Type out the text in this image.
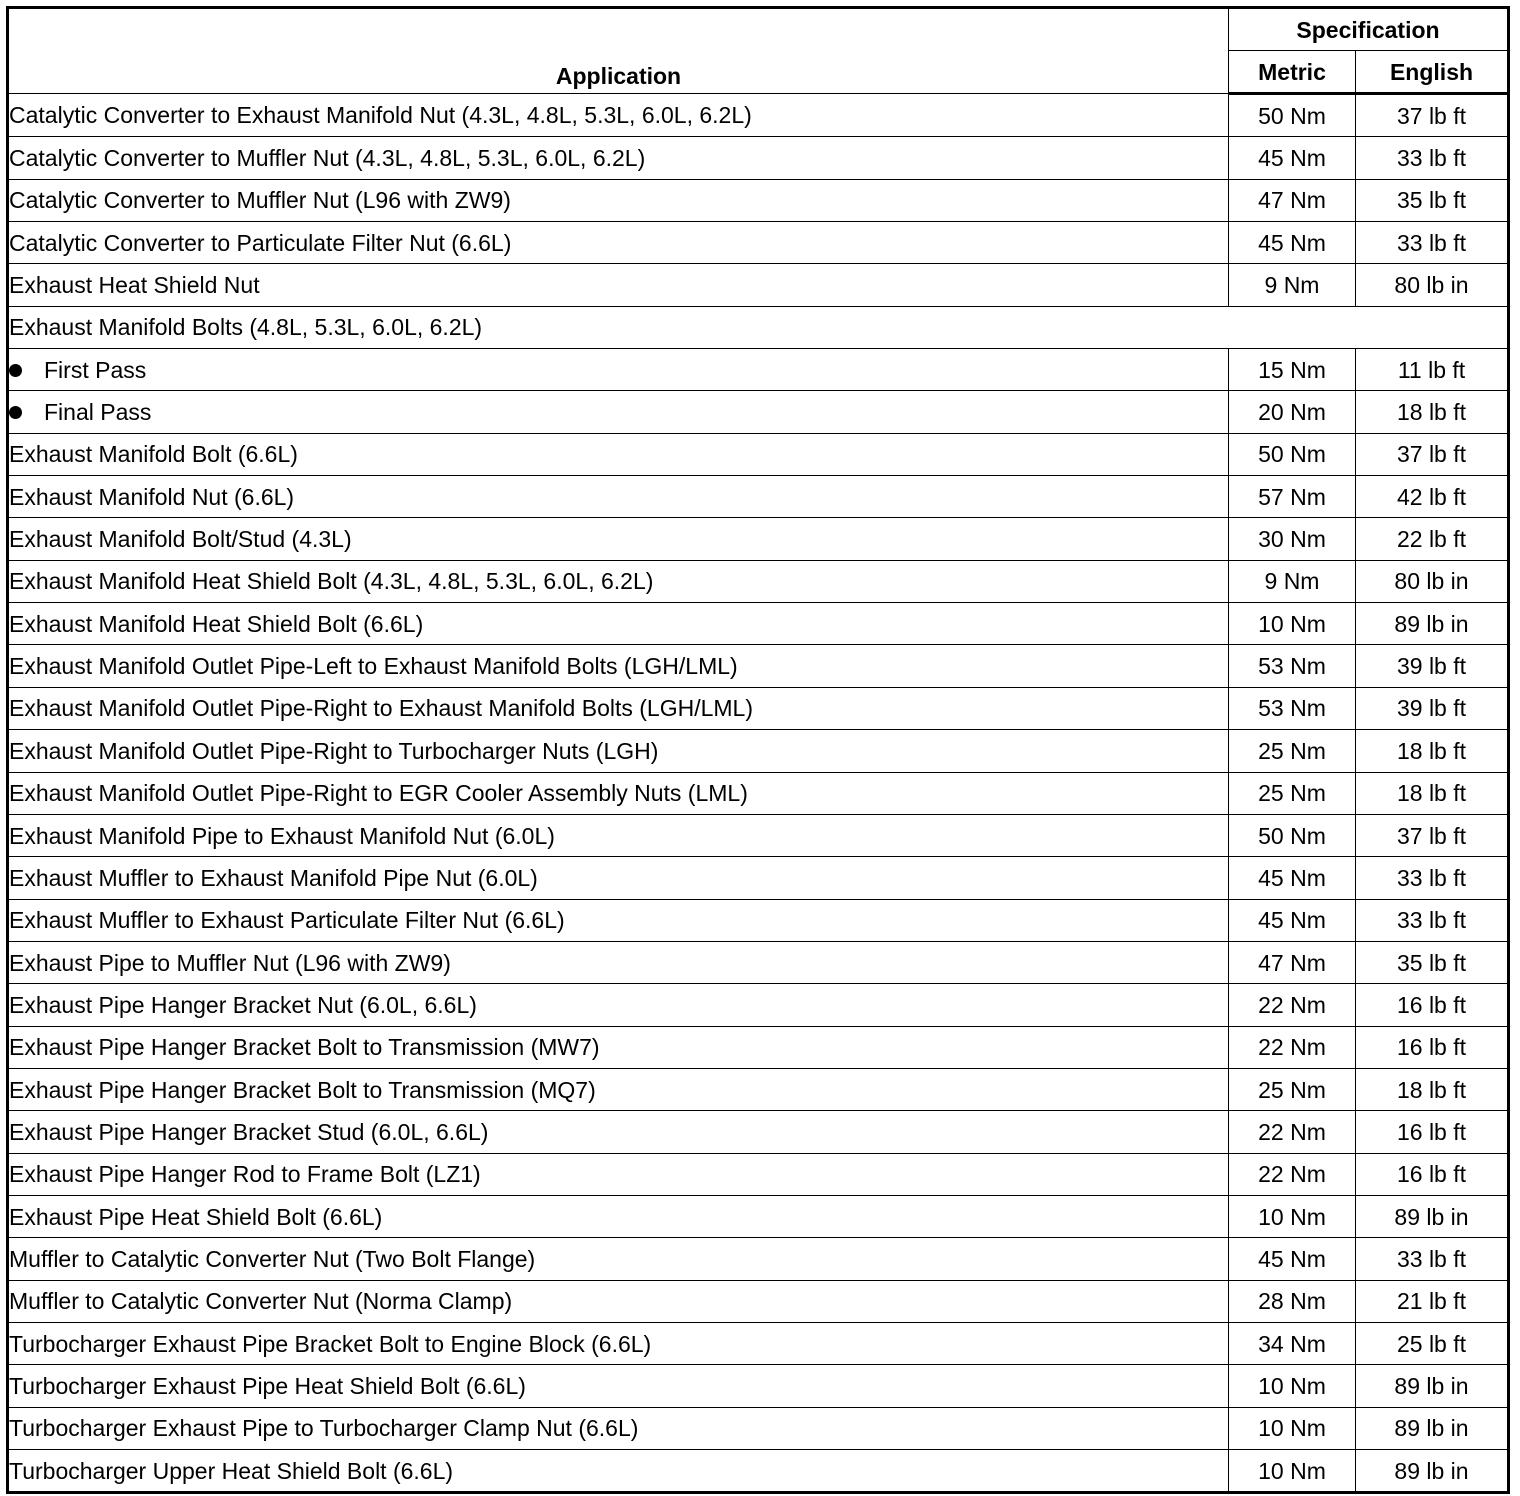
Application	Specification	
	Metric	English
Catalytic Converter to Exhaust Manifold Nut (4.3L, 4.8L, 5.3L, 6.0L, 6.2L)	50 Nm	37 lb ft
Catalytic Converter to Muffler Nut (4.3L, 4.8L, 5.3L, 6.0L, 6.2L)	45 Nm	33 lb ft
Catalytic Converter to Muffler Nut (L96 with ZW9)	47 Nm	35 lb ft
Catalytic Converter to Particulate Filter Nut (6.6L)	45 Nm	33 lb ft
Exhaust Heat Shield Nut	9 Nm	80 lb in
Exhaust Manifold Bolts (4.8L, 5.3L, 6.0L, 6.2L)		
First Pass	15 Nm	11 lb ft
Final Pass	20 Nm	18 lb ft
Exhaust Manifold Bolt (6.6L)	50 Nm	37 lb ft
Exhaust Manifold Nut (6.6L)	57 Nm	42 lb ft
Exhaust Manifold Bolt/Stud (4.3L)	30 Nm	22 lb ft
Exhaust Manifold Heat Shield Bolt (4.3L, 4.8L, 5.3L, 6.0L, 6.2L)	9 Nm	80 lb in
Exhaust Manifold Heat Shield Bolt (6.6L)	10 Nm	89 lb in
Exhaust Manifold Outlet Pipe-Left to Exhaust Manifold Bolts (LGH/LML)	53 Nm	39 lb ft
Exhaust Manifold Outlet Pipe-Right to Exhaust Manifold Bolts (LGH/LML)	53 Nm	39 lb ft
Exhaust Manifold Outlet Pipe-Right to Turbocharger Nuts (LGH)	25 Nm	18 lb ft
Exhaust Manifold Outlet Pipe-Right to EGR Cooler Assembly Nuts (LML)	25 Nm	18 lb ft
Exhaust Manifold Pipe to Exhaust Manifold Nut (6.0L)	50 Nm	37 lb ft
Exhaust Muffler to Exhaust Manifold Pipe Nut (6.0L)	45 Nm	33 lb ft
Exhaust Muffler to Exhaust Particulate Filter Nut (6.6L)	45 Nm	33 lb ft
Exhaust Pipe to Muffler Nut (L96 with ZW9)	47 Nm	35 lb ft
Exhaust Pipe Hanger Bracket Nut (6.0L, 6.6L)	22 Nm	16 lb ft
Exhaust Pipe Hanger Bracket Bolt to Transmission (MW7)	22 Nm	16 lb ft
Exhaust Pipe Hanger Bracket Bolt to Transmission (MQ7)	25 Nm	18 lb ft
Exhaust Pipe Hanger Bracket Stud (6.0L, 6.6L)	22 Nm	16 lb ft
Exhaust Pipe Hanger Rod to Frame Bolt (LZ1)	22 Nm	16 lb ft
Exhaust Pipe Heat Shield Bolt (6.6L)	10 Nm	89 lb in
Muffler to Catalytic Converter Nut (Two Bolt Flange)	45 Nm	33 lb ft
Muffler to Catalytic Converter Nut (Norma Clamp)	28 Nm	21 lb ft
Turbocharger Exhaust Pipe Bracket Bolt to Engine Block (6.6L)	34 Nm	25 lb ft
Turbocharger Exhaust Pipe Heat Shield Bolt (6.6L)	10 Nm	89 lb in
Turbocharger Exhaust Pipe to Turbocharger Clamp Nut (6.6L)	10 Nm	89 lb in
Turbocharger Upper Heat Shield Bolt (6.6L)	10 Nm	89 lb in
